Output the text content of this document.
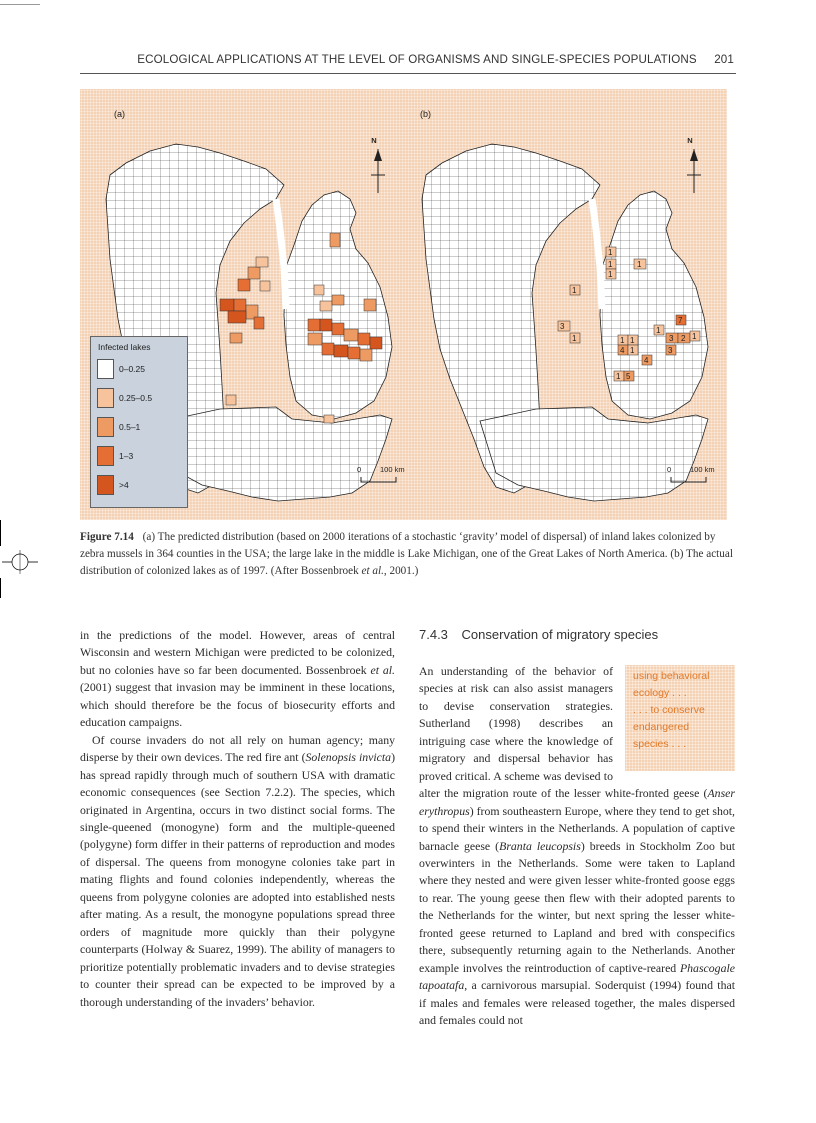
ECOLOGICAL APPLICATIONS AT THE LEVEL OF ORGANISMS AND SINGLE-SPECIES POPULATIONS 201
(a)	(b)
1
1
1
1
1
3
1	1 1
1
3 2 1
7
4 1
4
3
1 5
N	N
0	100 km	0	100 km
Infected lakes
0–0.25
0.25–0.5
0.5–1
1–3
>4
Figure 7.14 (a) The predicted distribution (based on 2000 iterations of a stochastic ‘gravity’ model of dispersal) of inland lakes colonized by zebra mussels in 364 counties in the USA; the large lake in the middle is Lake Michigan, one of the Great Lakes of North America. (b) The actual distribution of colonized lakes as of 1997. (After Bossenbroek et al., 2001.)

in the predictions of the model. However, areas of central Wisconsin and western Michigan were predicted to be colonized, but no colonies have so far been documented. Bossenbroek et al. (2001) suggest that invasion may be imminent in these locations, which should therefore be the focus of biosecurity efforts and education campaigns.

Of course invaders do not all rely on human agency; many disperse by their own devices. The red fire ant (Solenopsis invicta) has spread rapidly through much of southern USA with dramatic economic consequences (see Section 7.2.2). The species, which originated in Argentina, occurs in two distinct social forms. The single-queened (monogyne) form and the multiple-queened (polygyne) form differ in their patterns of reproduction and modes of dispersal. The queens from monogyne colonies take part in mating flights and found colonies independently, whereas the queens from polygyne colonies are adopted into established nests after mating. As a result, the monogyne populations spread three orders of magnitude more quickly than their polygyne counterparts (Holway & Suarez, 1999). The ability of managers to prioritize potentially problematic invaders and to devise strategies to counter their spread can be expected to be improved by a thorough understanding of the invaders’ behavior.

7.4.3 Conservation of migratory species
using behavioral
ecology . . .
. . . to conserve
endangered
species . . .

An understanding of the behavior of species at risk can also assist managers to devise conservation strategies. Sutherland (1998) describes an intriguing case where the knowledge of migratory and dispersal behavior has proved critical. A scheme was devised to alter the migration route of the lesser white-fronted geese (Anser erythropus) from southeastern Europe, where they tend to get shot, to spend their winters in the Netherlands. A population of captive barnacle geese (Branta leucopsis) breeds in Stockholm Zoo but overwinters in the Netherlands. Some were taken to Lapland where they nested and were given lesser white-fronted goose eggs to rear. The young geese then flew with their adopted parents to the Netherlands for the winter, but next spring the lesser white-fronted geese returned to Lapland and bred with conspecifics there, subsequently returning again to the Netherlands. Another example involves the reintroduction of captive-reared Phascogale tapoatafa, a carnivorous marsupial. Soderquist (1994) found that if males and females were released together, the males dispersed and females could not
